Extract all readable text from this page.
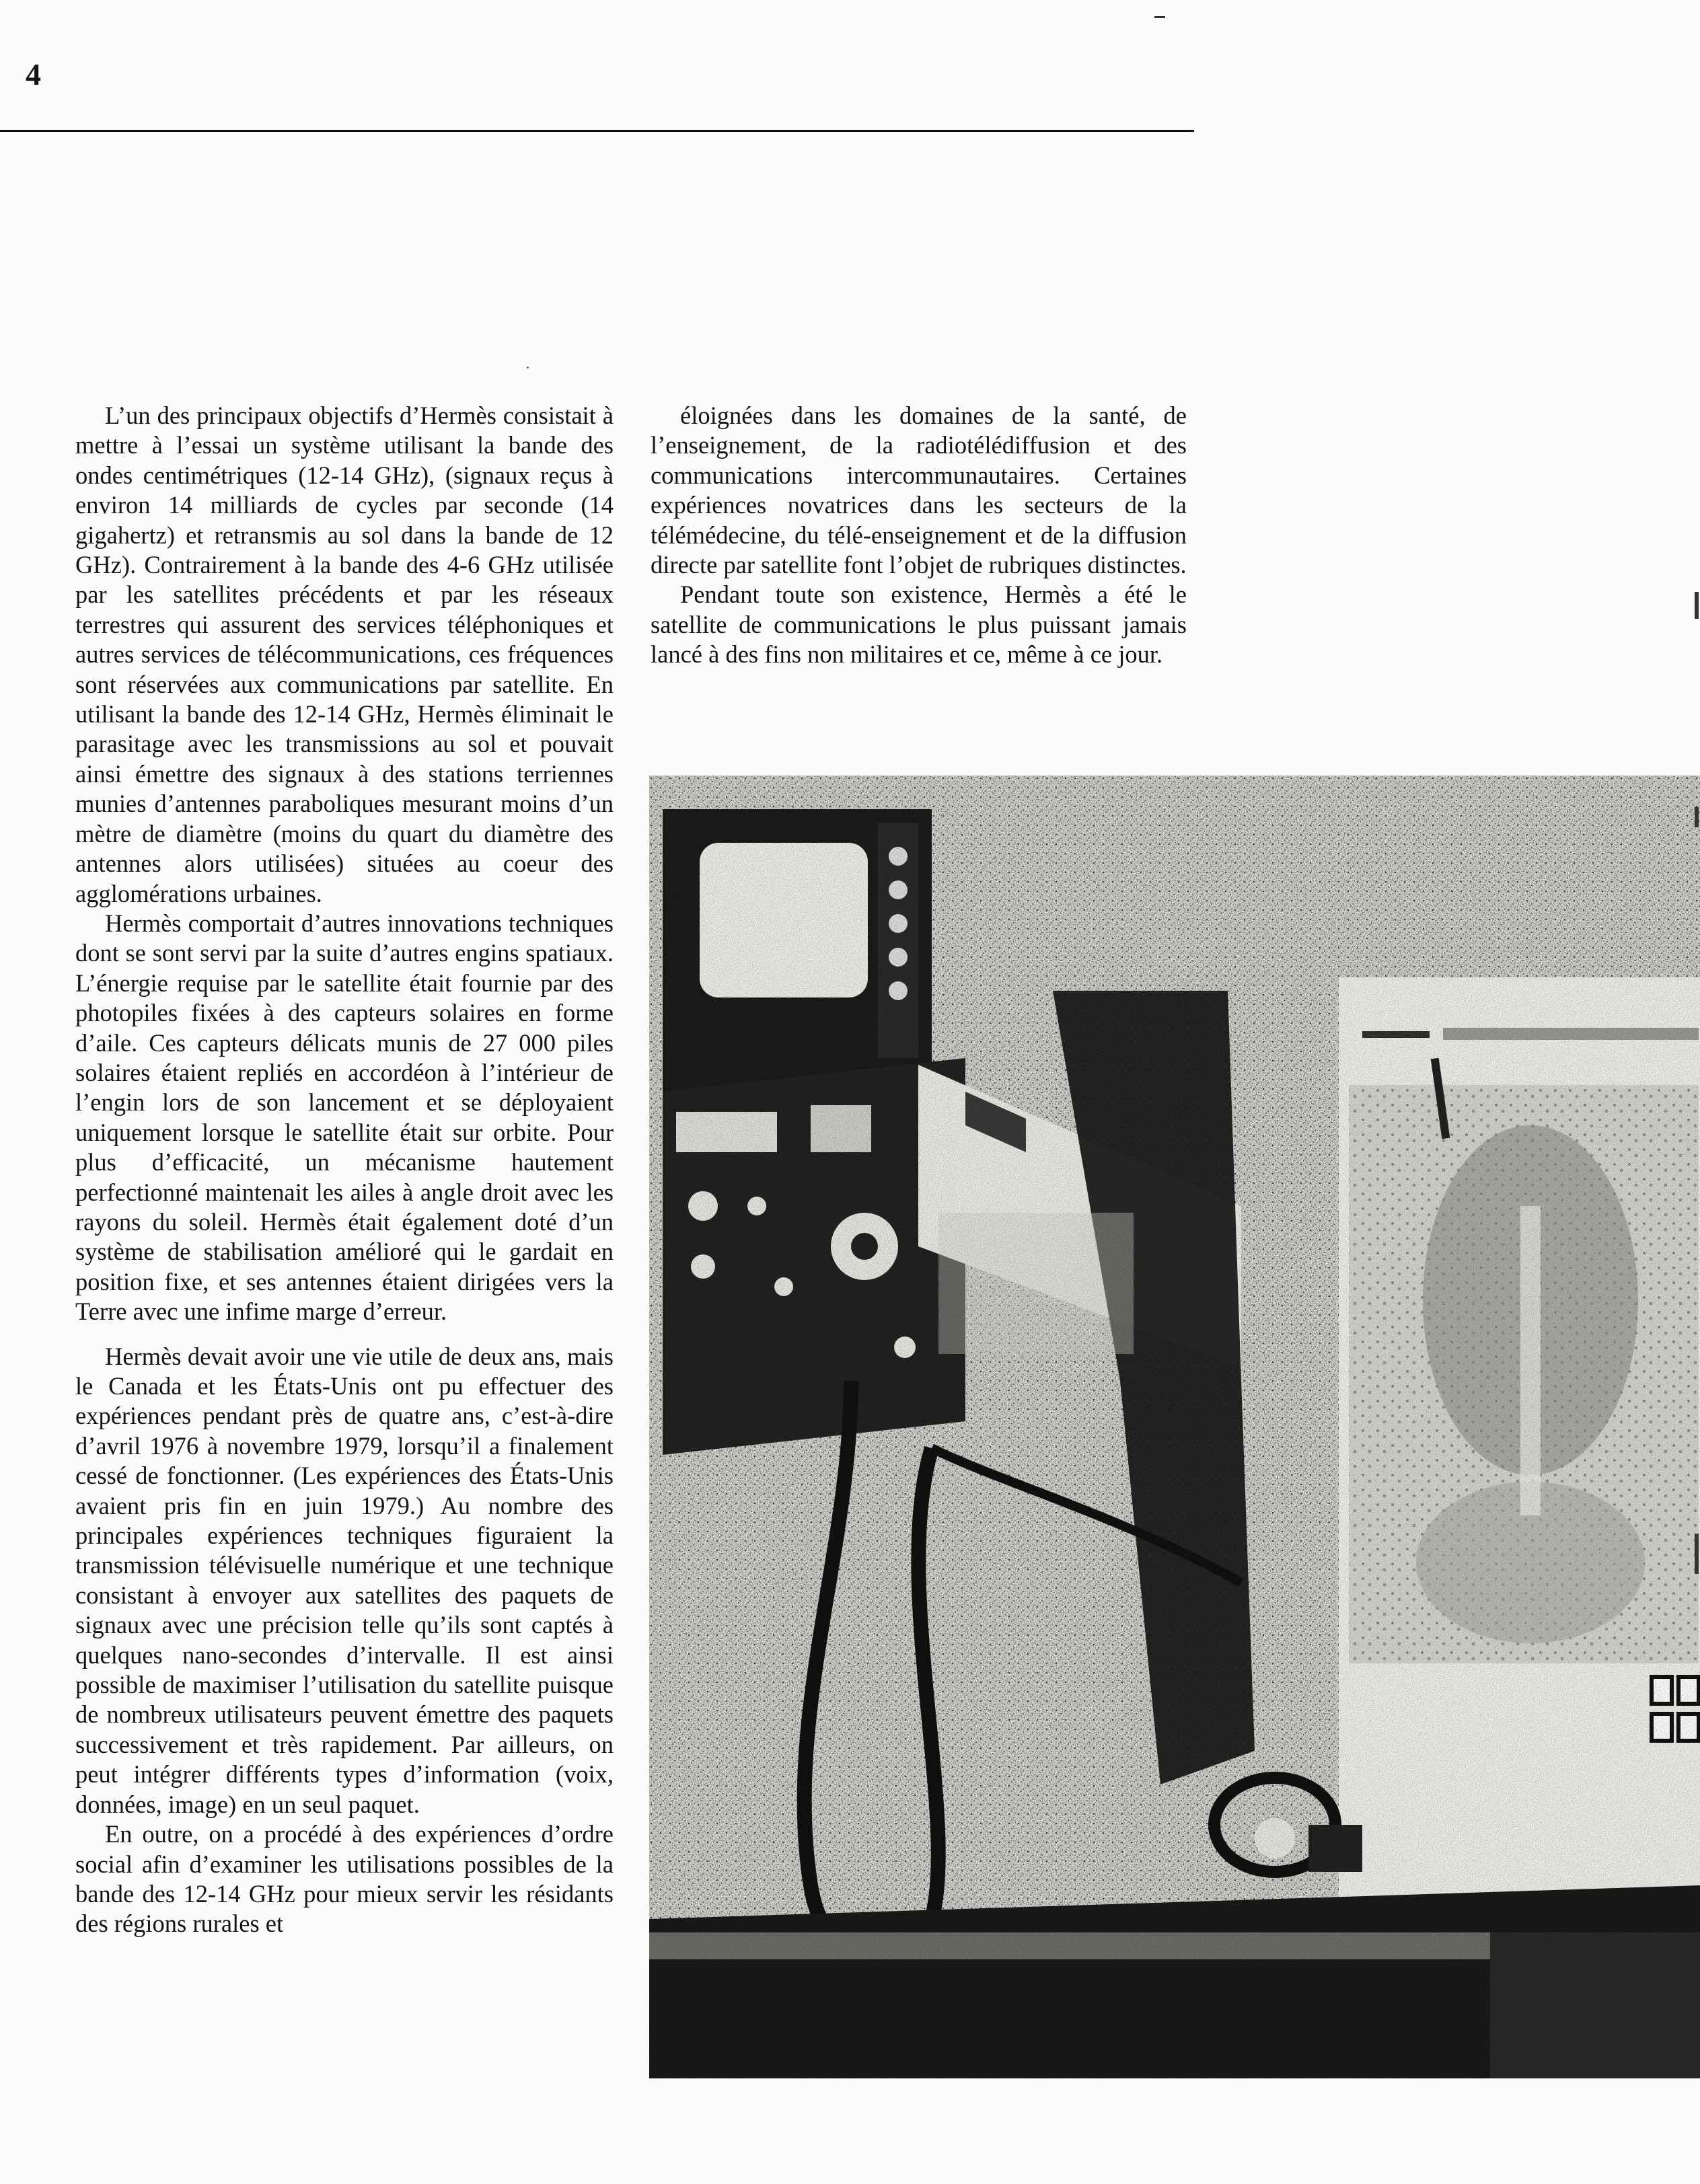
4

L’un des principaux objectifs d’Hermès consistait à mettre à l’essai un système utilisant la bande des ondes centimétriques (12-14 GHz), (signaux reçus à environ 14 milliards de cycles par seconde (14 gigahertz) et retransmis au sol dans la bande de 12 GHz). Contrairement à la bande des 4-6 GHz utilisée par les satellites précédents et par les réseaux terrestres qui assurent des services téléphoniques et autres services de télécommunications, ces fréquences sont réservées aux communications par satellite. En utilisant la bande des 12-14 GHz, Hermès éliminait le parasitage avec les transmissions au sol et pouvait ainsi émettre des signaux à des stations terriennes munies d’antennes paraboliques mesurant moins d’un mètre de diamètre (moins du quart du diamètre des antennes alors utilisées) situées au coeur des agglomérations urbaines.

Hermès comportait d’autres innovations techniques dont se sont servi par la suite d’autres engins spatiaux. L’énergie requise par le satellite était fournie par des photopiles fixées à des capteurs solaires en forme d’aile. Ces capteurs délicats munis de 27 000 piles solaires étaient repliés en accordéon à l’intérieur de l’engin lors de son lancement et se déployaient uniquement lorsque le satellite était sur orbite. Pour plus d’efficacité, un mécanisme hautement perfectionné maintenait les ailes à angle droit avec les rayons du soleil. Hermès était également doté d’un système de stabilisation amélioré qui le gardait en position fixe, et ses antennes étaient dirigées vers la Terre avec une infime marge d’erreur.

Hermès devait avoir une vie utile de deux ans, mais le Canada et les États-Unis ont pu effectuer des expériences pendant près de quatre ans, c’est-à-dire d’avril 1976 à novembre 1979, lorsqu’il a finalement cessé de fonctionner. (Les expériences des États-Unis avaient pris fin en juin 1979.) Au nombre des principales expériences techniques figuraient la transmission télévisuelle numérique et une technique consistant à envoyer aux satellites des paquets de signaux avec une précision telle qu’ils sont captés à quelques nano-secondes d’intervalle. Il est ainsi possible de maximiser l’utilisation du satellite puisque de nombreux utilisateurs peuvent émettre des paquets successivement et très rapidement. Par ailleurs, on peut intégrer différents types d’information (voix, données, image) en un seul paquet.

En outre, on a procédé à des expériences d’ordre social afin d’examiner les utilisations possibles de la bande des 12-14 GHz pour mieux servir les résidants des régions rurales et

éloignées dans les domaines de la santé, de l’enseignement, de la radiotélédiffusion et des communications intercommunautaires. Certaines expériences novatrices dans les secteurs de la télémédecine, du télé-enseignement et de la diffusion directe par satellite font l’objet de rubriques distinctes.

Pendant toute son existence, Hermès a été le satellite de communications le plus puissant jamais lancé à des fins non militaires et ce, même à ce jour.
